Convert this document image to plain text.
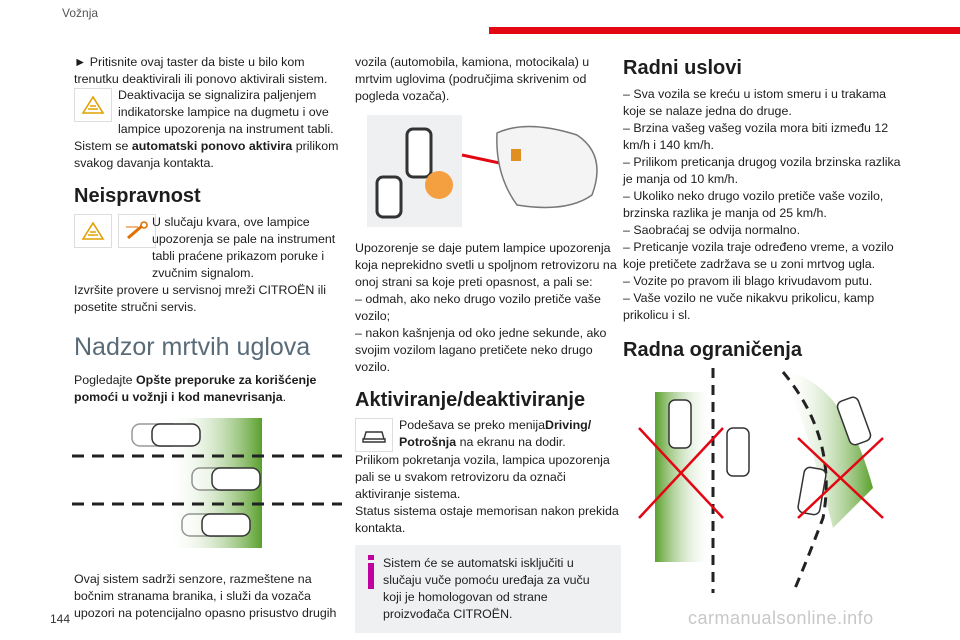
Vožnja

► Pritisnite ovaj taster da biste u bilo kom trenutku deaktivirali ili ponovo aktivirali sistem.

Deaktivacija se signalizira paljenjem indikatorske lampice na dugmetu i ove lampice upozorenja na instrument tabli.

Sistem se automatski ponovo aktivira prilikom svakog davanja kontakta.

Neispravnost

U slučaju kvara, ove lampice upozorenja se pale na instrument tabli praćene prikazom poruke i zvučnim signalom.

Izvršite provere u servisnoj mreži CITROËN ili posetite stručni servis.

Nadzor mrtvih uglova

Pogledajte Opšte preporuke za korišćenje pomoći u vožnji i kod manevrisanja.

Ovaj sistem sadrži senzore, razmeštene na bočnim stranama branika, i služi da vozača upozori na potencijalno opasno prisustvo drugih

vozila (automobila, kamiona, motocikala) u mrtvim uglovima (područjima skrivenim od pogleda vozača).

Upozorenje se daje putem lampice upozorenja koja neprekidno svetli u spoljnom retrovizoru na onoj strani sa koje preti opasnost, a pali se:

– odmah, ako neko drugo vozilo pretiče vaše vozilo;

– nakon kašnjenja od oko jedne sekunde, ako svojim vozilom lagano pretičete neko drugo vozilo.

Aktiviranje/deaktiviranje

Podešava se preko menijaDriving/ Potrošnja na ekranu na dodir.

Prilikom pokretanja vozila, lampica upozorenja pali se u svakom retrovizoru da označi aktiviranje sistema.

Status sistema ostaje memorisan nakon prekida kontakta.

Sistem će se automatski isključiti u slučaju vuče pomoću uređaja za vuču koji je homologovan od strane proizvođača CITROËN.

Radni uslovi

– Sva vozila se kreću u istom smeru i u trakama koje se nalaze jedna do druge.

– Brzina vašeg vašeg vozila mora biti između 12 km/h i 140 km/h.

– Prilikom preticanja drugog vozila brzinska razlika je manja od 10 km/h.

– Ukoliko neko drugo vozilo pretiče vaše vozilo, brzinska razlika je manja od 25 km/h.

– Saobraćaj se odvija normalno.

– Preticanje vozila traje određeno vreme, a vozilo koje pretičete zadržava se u zoni mrtvog ugla.

– Vozite po pravom ili blago krivudavom putu.

– Vaše vozilo ne vuče nikakvu prikolicu, kamp prikolicu i sl.

Radna ograničenja
144	carmanualsonline.info
